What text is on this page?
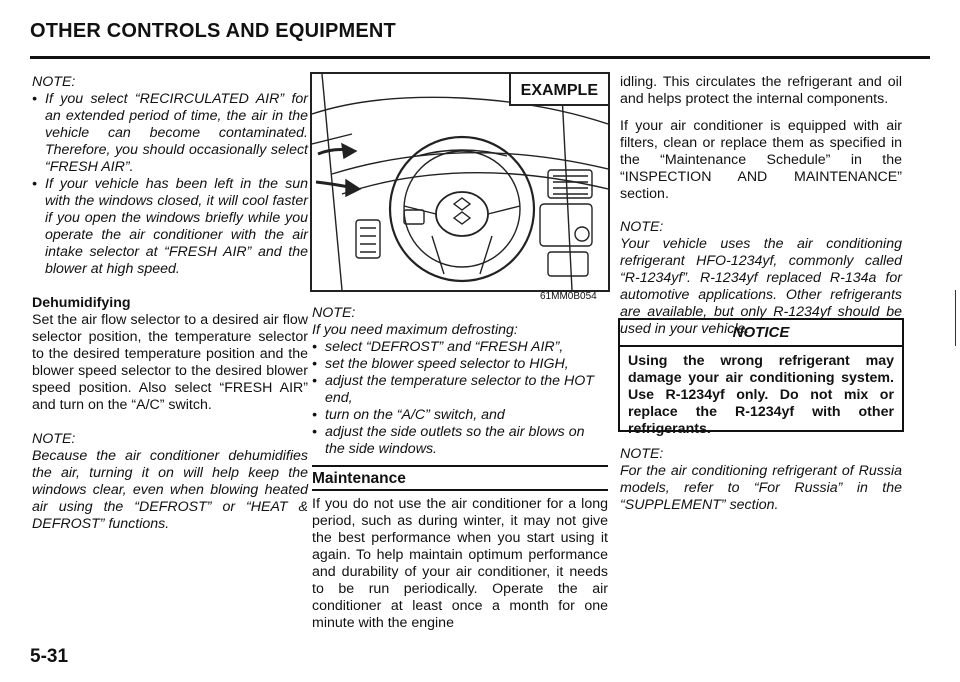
OTHER CONTROLS AND EQUIPMENT

NOTE:

• If you select “RECIRCULATED AIR” for an extended period of time, the air in the vehicle can become contaminated. Therefore, you should occasionally select “FRESH AIR”.
• If your vehicle has been left in the sun with the windows closed, it will cool faster if you open the windows briefly while you operate the air conditioner with the air intake selector at “FRESH AIR” and the blower at high speed.

Dehumidifying

Set the air flow selector to a desired air flow selector position, the temperature selector to the desired temperature position and the blower speed selector to the desired blower speed position. Also select “FRESH AIR” and turn on the “A/C” switch.

NOTE:

Because the air conditioner dehumidifies the air, turning it on will help keep the windows clear, even when blowing heated air using the “DEFROST” or “HEAT & DEFROST” functions.

EXAMPLE
61MM0B054

NOTE:

If you need maximum defrosting:

• select “DEFROST” and “FRESH AIR”,
• set the blower speed selector to HIGH,
• adjust the temperature selector to the HOT end,
• turn on the “A/C” switch, and
• adjust the side outlets so the air blows on the side windows.
Maintenance

If you do not use the air conditioner for a long period, such as during winter, it may not give the best performance when you start using it again. To help maintain optimum performance and durability of your air conditioner, it needs to be run periodically. Operate the air conditioner at least once a month for one minute with the engine

idling. This circulates the refrigerant and oil and helps protect the internal components.

If your air conditioner is equipped with air filters, clean or replace them as specified in the “Maintenance Schedule” in the “INSPECTION AND MAINTENANCE” section.

NOTE:

Your vehicle uses the air conditioning refrigerant HFO-1234yf, commonly called “R-1234yf”. R-1234yf replaced R-134a for automotive applications. Other refrigerants are available, but only R-1234yf should be used in your vehicle.

NOTICE
Using the wrong refrigerant may damage your air conditioning system. Use R-1234yf only. Do not mix or replace the R-1234yf with other refrigerants.

NOTE:

For the air conditioning refrigerant of Russia models, refer to “For Russia” in the “SUPPLEMENT” section.

5-31
